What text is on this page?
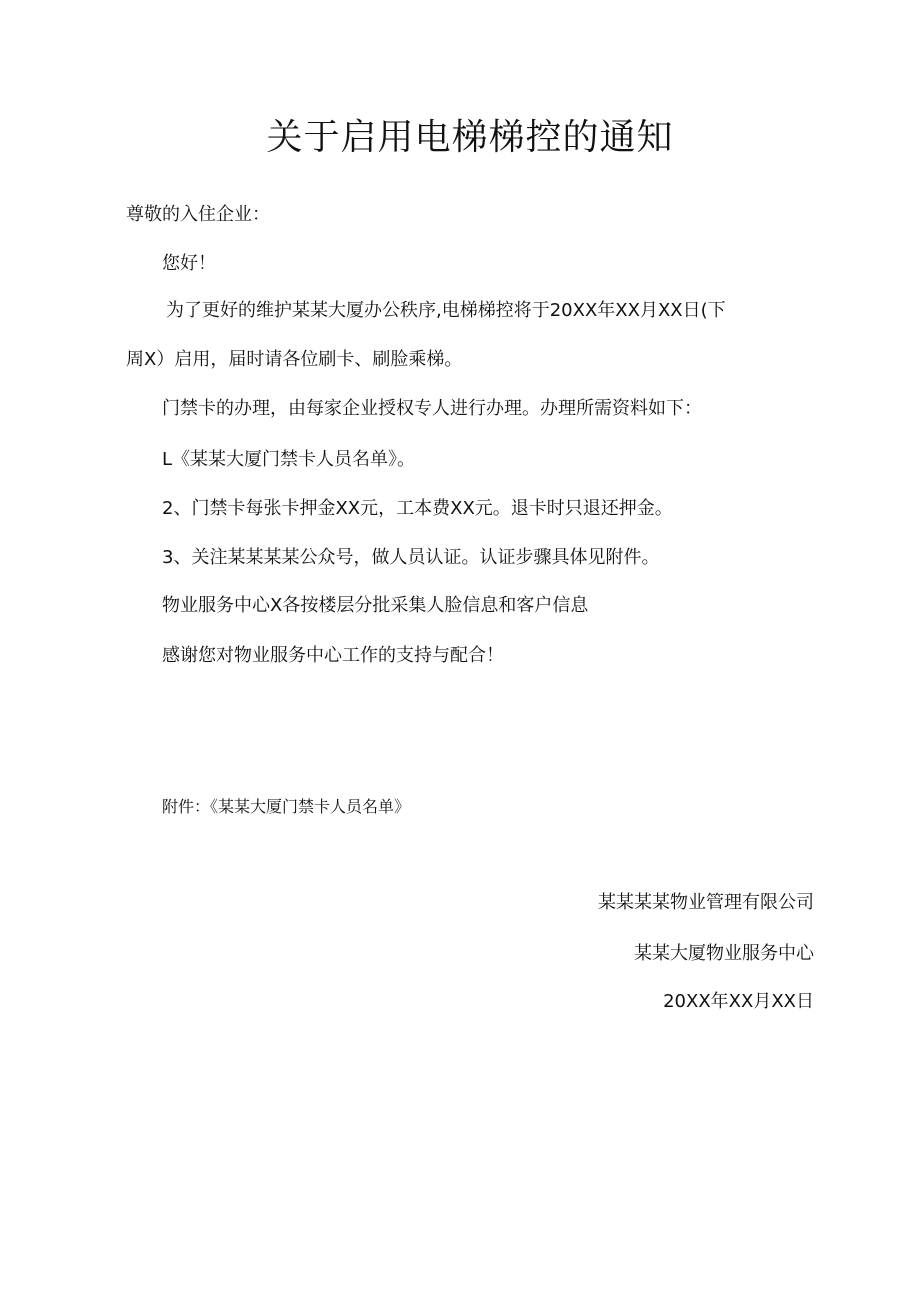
关于启用电梯梯控的通知
尊敬的入住企业：
您好！
为了更好的维护某某大厦办公秩序,电梯梯控将于20XX年XX月XX日(下
周X）启用，届时请各位刷卡、刷脸乘梯。
门禁卡的办理，由每家企业授权专人进行办理。办理所需资料如下：
L《某某大厦门禁卡人员名单》。
2、门禁卡每张卡押金XX元，工本费XX元。退卡时只退还押金。
3、关注某某某某公众号，做人员认证。认证步骤具体见附件。
物业服务中心X各按楼层分批采集人脸信息和客户信息
感谢您对物业服务中心工作的支持与配合！
附件：《某某大厦门禁卡人员名单》
某某某某物业管理有限公司
某某大厦物业服务中心
20XX年XX月XX日
